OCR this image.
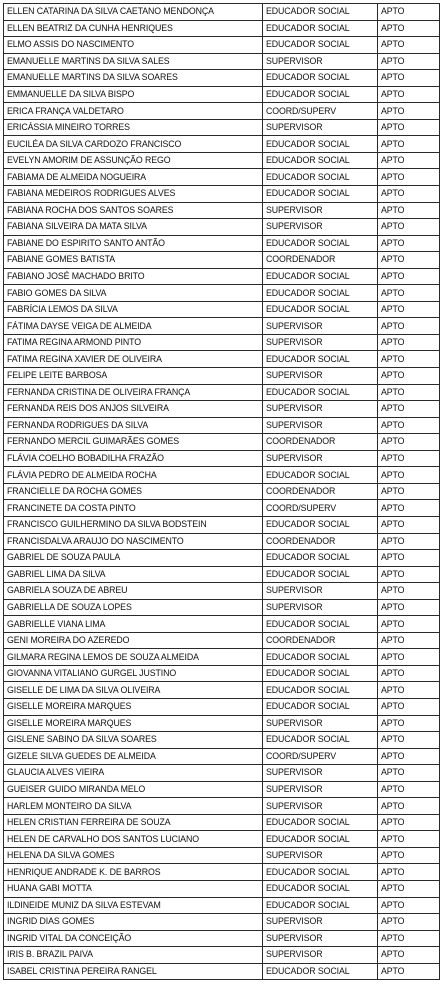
ELLEN CATARINA DA SILVA CAETANO MENDONÇA	EDUCADOR SOCIAL	APTO
ELLEN BEATRIZ DA CUNHA HENRIQUES	EDUCADOR SOCIAL	APTO
ELMO ASSIS DO NASCIMENTO	EDUCADOR SOCIAL	APTO
EMANUELLE MARTINS DA SILVA SALES	SUPERVISOR	APTO
EMANUELLE MARTINS DA SILVA SOARES	EDUCADOR SOCIAL	APTO
EMMANUELLE DA SILVA BISPO	EDUCADOR SOCIAL	APTO
ERICA FRANÇA VALDETARO	COORD/SUPERV	APTO
ERICÁSSIA MINEIRO TORRES	SUPERVISOR	APTO
EUCILÉA DA SILVA CARDOZO FRANCISCO	EDUCADOR SOCIAL	APTO
EVELYN AMORIM DE ASSUNÇÃO REGO	EDUCADOR SOCIAL	APTO
FABIAMA DE ALMEIDA NOGUEIRA	EDUCADOR SOCIAL	APTO
FABIANA MEDEIROS RODRIGUES ALVES	EDUCADOR SOCIAL	APTO
FABIANA ROCHA DOS SANTOS SOARES	SUPERVISOR	APTO
FABIANA SILVEIRA DA MATA SILVA	SUPERVISOR	APTO
FABIANE DO ESPIRITO SANTO ANTÃO	EDUCADOR SOCIAL	APTO
FABIANE GOMES BATISTA	COORDENADOR	APTO
FABIANO JOSÉ MACHADO BRITO	EDUCADOR SOCIAL	APTO
FABIO GOMES DA SILVA	EDUCADOR SOCIAL	APTO
FABRÍCIA LEMOS DA SILVA	EDUCADOR SOCIAL	APTO
FÁTIMA DAYSE VEIGA DE ALMEIDA	SUPERVISOR	APTO
FATIMA REGINA ARMOND PINTO	SUPERVISOR	APTO
FATIMA REGINA XAVIER DE OLIVEIRA	EDUCADOR SOCIAL	APTO
FELIPE LEITE BARBOSA	SUPERVISOR	APTO
FERNANDA CRISTINA DE OLIVEIRA FRANÇA	EDUCADOR SOCIAL	APTO
FERNANDA REIS DOS ANJOS SILVEIRA	SUPERVISOR	APTO
FERNANDA RODRIGUES DA SILVA	SUPERVISOR	APTO
FERNANDO MERCIL GUIMARÃES GOMES	COORDENADOR	APTO
FLÁVIA COELHO BOBADILHA FRAZÃO	SUPERVISOR	APTO
FLÁVIA PEDRO DE ALMEIDA ROCHA	EDUCADOR SOCIAL	APTO
FRANCIELLE DA ROCHA GOMES	COORDENADOR	APTO
FRANCINETE DA COSTA PINTO	COORD/SUPERV	APTO
FRANCISCO GUILHERMINO DA SILVA BODSTEIN	EDUCADOR SOCIAL	APTO
FRANCISDALVA ARAUJO DO NASCIMENTO	COORDENADOR	APTO
GABRIEL DE SOUZA PAULA	EDUCADOR SOCIAL	APTO
GABRIEL LIMA DA SILVA	EDUCADOR SOCIAL	APTO
GABRIELA SOUZA DE ABREU	SUPERVISOR	APTO
GABRIELLA DE SOUZA LOPES	SUPERVISOR	APTO
GABRIELLE VIANA LIMA	EDUCADOR SOCIAL	APTO
GENI MOREIRA DO AZEREDO	COORDENADOR	APTO
GILMARA REGINA LEMOS DE SOUZA ALMEIDA	EDUCADOR SOCIAL	APTO
GIOVANNA VITALIANO GURGEL JUSTINO	EDUCADOR SOCIAL	APTO
GISELLE DE LIMA DA SILVA OLIVEIRA	EDUCADOR SOCIAL	APTO
GISELLE MOREIRA MARQUES	EDUCADOR SOCIAL	APTO
GISELLE MOREIRA MARQUES	SUPERVISOR	APTO
GISLENE SABINO DA SILVA SOARES	EDUCADOR SOCIAL	APTO
GIZELE SILVA GUEDES DE ALMEIDA	COORD/SUPERV	APTO
GLAUCIA ALVES VIEIRA	SUPERVISOR	APTO
GUEISER GUIDO MIRANDA MELO	SUPERVISOR	APTO
HARLEM MONTEIRO DA SILVA	SUPERVISOR	APTO
HELEN CRISTIAN FERREIRA DE SOUZA	EDUCADOR SOCIAL	APTO
HELEN DE CARVALHO DOS SANTOS LUCIANO	EDUCADOR SOCIAL	APTO
HELENA DA SILVA GOMES	SUPERVISOR	APTO
HENRIQUE ANDRADE K. DE BARROS	EDUCADOR SOCIAL	APTO
HUANA GABI MOTTA	EDUCADOR SOCIAL	APTO
ILDINEIDE MUNIZ DA SILVA ESTEVAM	EDUCADOR SOCIAL	APTO
INGRID DIAS GOMES	SUPERVISOR	APTO
INGRID VITAL DA CONCEIÇÃO	SUPERVISOR	APTO
IRIS B. BRAZIL PAIVA	SUPERVISOR	APTO
ISABEL CRISTINA PEREIRA RANGEL	EDUCADOR SOCIAL	APTO
